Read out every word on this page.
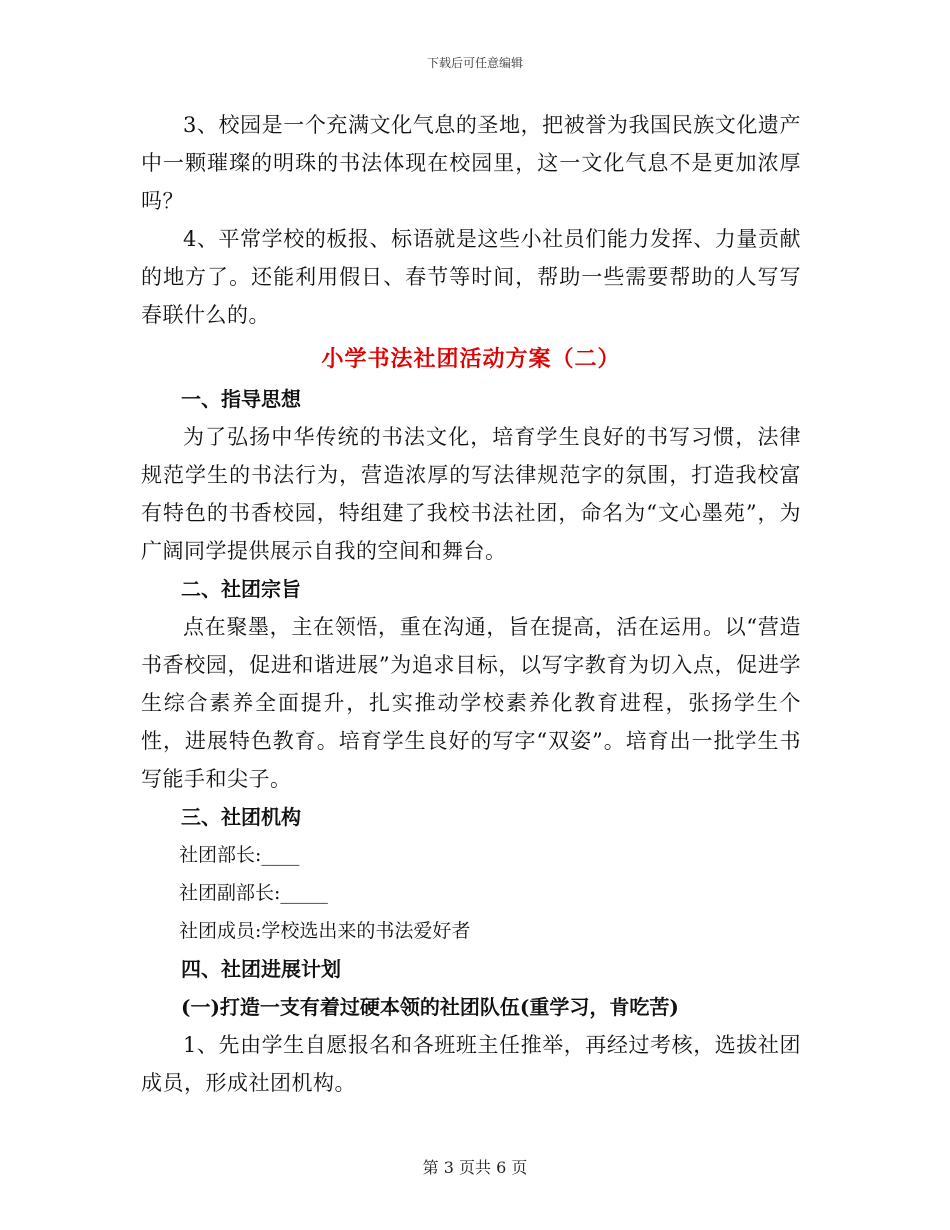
下载后可任意编辑

3、校园是一个充满文化气息的圣地，把被誉为我国民族文化遗产中一颗璀璨的明珠的书法体现在校园里，这一文化气息不是更加浓厚吗？

4、平常学校的板报、标语就是这些小社员们能力发挥、力量贡献的地方了。还能利用假日、春节等时间，帮助一些需要帮助的人写写春联什么的。

小学书法社团活动方案（二）

一、指导思想

为了弘扬中华传统的书法文化，培育学生良好的书写习惯，法律规范学生的书法行为，营造浓厚的写法律规范字的氛围，打造我校富有特色的书香校园，特组建了我校书法社团，命名为“文心墨苑”，为广阔同学提供展示自我的空间和舞台。

二、社团宗旨

点在聚墨，主在领悟，重在沟通，旨在提高，活在运用。以“营造书香校园，促进和谐进展”为追求目标，以写字教育为切入点，促进学生综合素养全面提升，扎实推动学校素养化教育进程，张扬学生个性，进展特色教育。培育学生良好的写字“双姿”。培育出一批学生书写能手和尖子。

三、社团机构

社团部长:____

社团副部长:_____

社团成员:学校选出来的书法爱好者

四、社团进展计划

(一)打造一支有着过硬本领的社团队伍(重学习，肯吃苦)

1、先由学生自愿报名和各班班主任推举，再经过考核，选拔社团成员，形成社团机构。

第 3 页共 6 页
